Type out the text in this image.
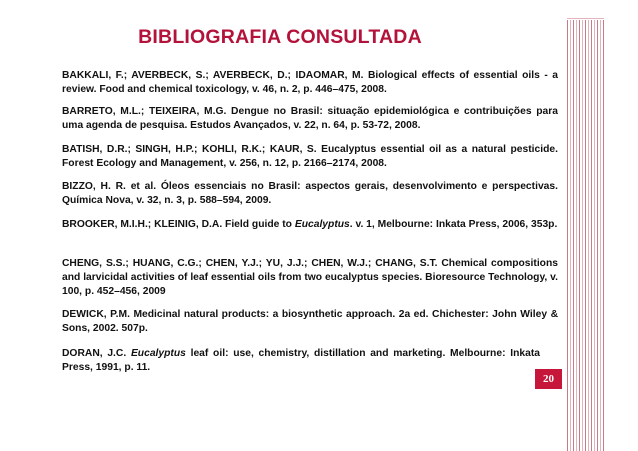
BIBLIOGRAFIA CONSULTADA

BAKKALI, F.; AVERBECK, S.; AVERBECK, D.; IDAOMAR, M. Biological effects of essential oils - a review. Food and chemical toxicology, v. 46, n. 2, p. 446–475, 2008.

BARRETO, M.L.; TEIXEIRA, M.G. Dengue no Brasil: situação epidemiológica e contribuições para uma agenda de pesquisa. Estudos Avançados, v. 22, n. 64, p. 53-72, 2008.

BATISH, D.R.; SINGH, H.P.; KOHLI, R.K.; KAUR, S. Eucalyptus essential oil as a natural pesticide. Forest Ecology and Management, v. 256, n. 12, p. 2166–2174, 2008.

BIZZO, H. R. et al. Óleos essenciais no Brasil: aspectos gerais, desenvolvimento e perspectivas. Química Nova, v. 32, n. 3, p. 588–594, 2009.

BROOKER, M.I.H.; KLEINIG, D.A. Field guide to Eucalyptus. v. 1, Melbourne: Inkata Press, 2006, 353p.

CHENG, S.S.; HUANG, C.G.; CHEN, Y.J.; YU, J.J.; CHEN, W.J.; CHANG, S.T. Chemical compositions and larvicidal activities of leaf essential oils from two eucalyptus species. Bioresource Technology, v. 100, p. 452–456, 2009

DEWICK, P.M. Medicinal natural products: a biosynthetic approach. 2a ed. Chichester: John Wiley & Sons, 2002. 507p.

DORAN, J.C. Eucalyptus leaf oil: use, chemistry, distillation and marketing. Melbourne: Inkata Press, 1991, p. 11.

20
